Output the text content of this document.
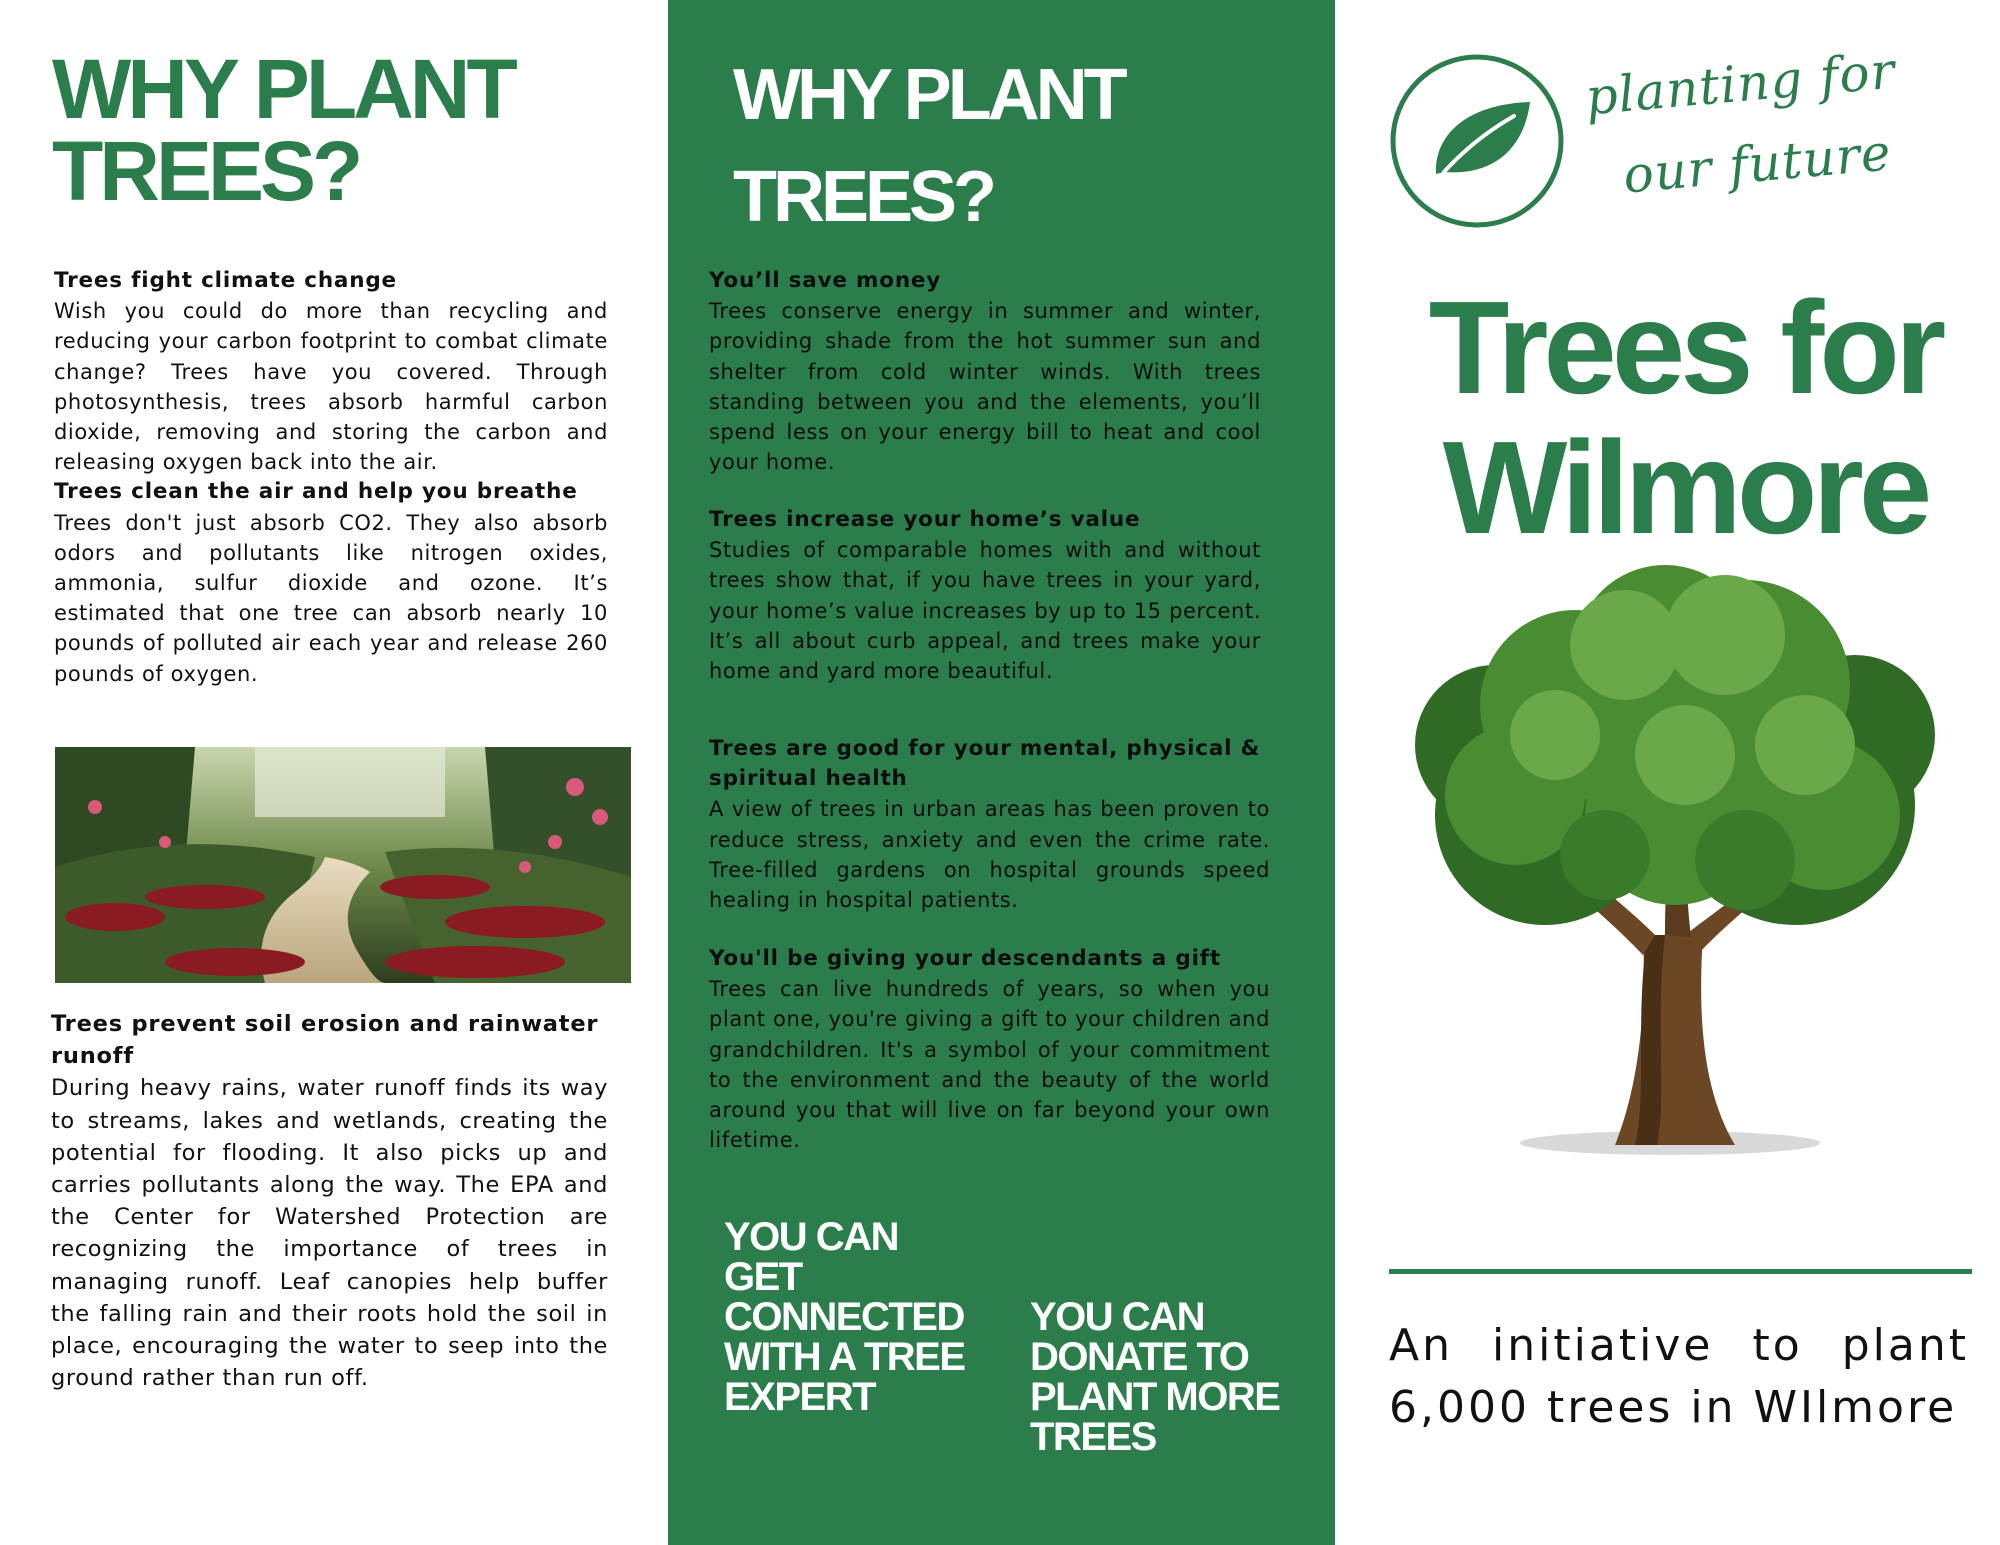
WHY PLANT TREES?
Trees fight climate change

Wish you could do more than recycling and reducing your carbon footprint to combat climate change? Trees have you covered. Through photosynthesis, trees absorb harmful carbon dioxide, removing and storing the carbon and releasing oxygen back into the air.

Trees clean the air and help you breathe

Trees don't just absorb CO2. They also absorb odors and pollutants like nitrogen oxides, ammonia, sulfur dioxide and ozone. It’s estimated that one tree can absorb nearly 10 pounds of polluted air each year and release 260 pounds of oxygen.

Trees prevent soil erosion and rainwater runoff

During heavy rains, water runoff finds its way to streams, lakes and wetlands, creating the potential for flooding. It also picks up and carries pollutants along the way. The EPA and the Center for Watershed Protection are recognizing the importance of trees in managing runoff. Leaf canopies help buffer the falling rain and their roots hold the soil in place, encouraging the water to seep into the ground rather than run off.

WHY PLANT TREES?
You’ll save money

Trees conserve energy in summer and winter, providing shade from the hot summer sun and shelter from cold winter winds. With trees standing between you and the elements, you’ll spend less on your energy bill to heat and cool your home.

Trees increase your home’s value

Studies of comparable homes with and without trees show that, if you have trees in your yard, your home’s value increases by up to 15 percent. It’s all about curb appeal, and trees make your home and yard more beautiful.

Trees are good for your mental, physical & spiritual health

A view of trees in urban areas has been proven to reduce stress, anxiety and even the crime rate. Tree-filled gardens on hospital grounds speed healing in hospital patients.

You'll be giving your descendants a gift

Trees can live hundreds of years, so when you plant one, you're giving a gift to your children and grandchildren. It's a symbol of your commitment to the environment and the beauty of the world around you that will live on far beyond your own lifetime.

YOU CAN GET CONNECTED WITH A TREE EXPERT

YOU CAN DONATE TO PLANT MORE TREES

planting for

our future

Trees for Wilmore

An initiative to plant 6,000 trees in WIlmore
